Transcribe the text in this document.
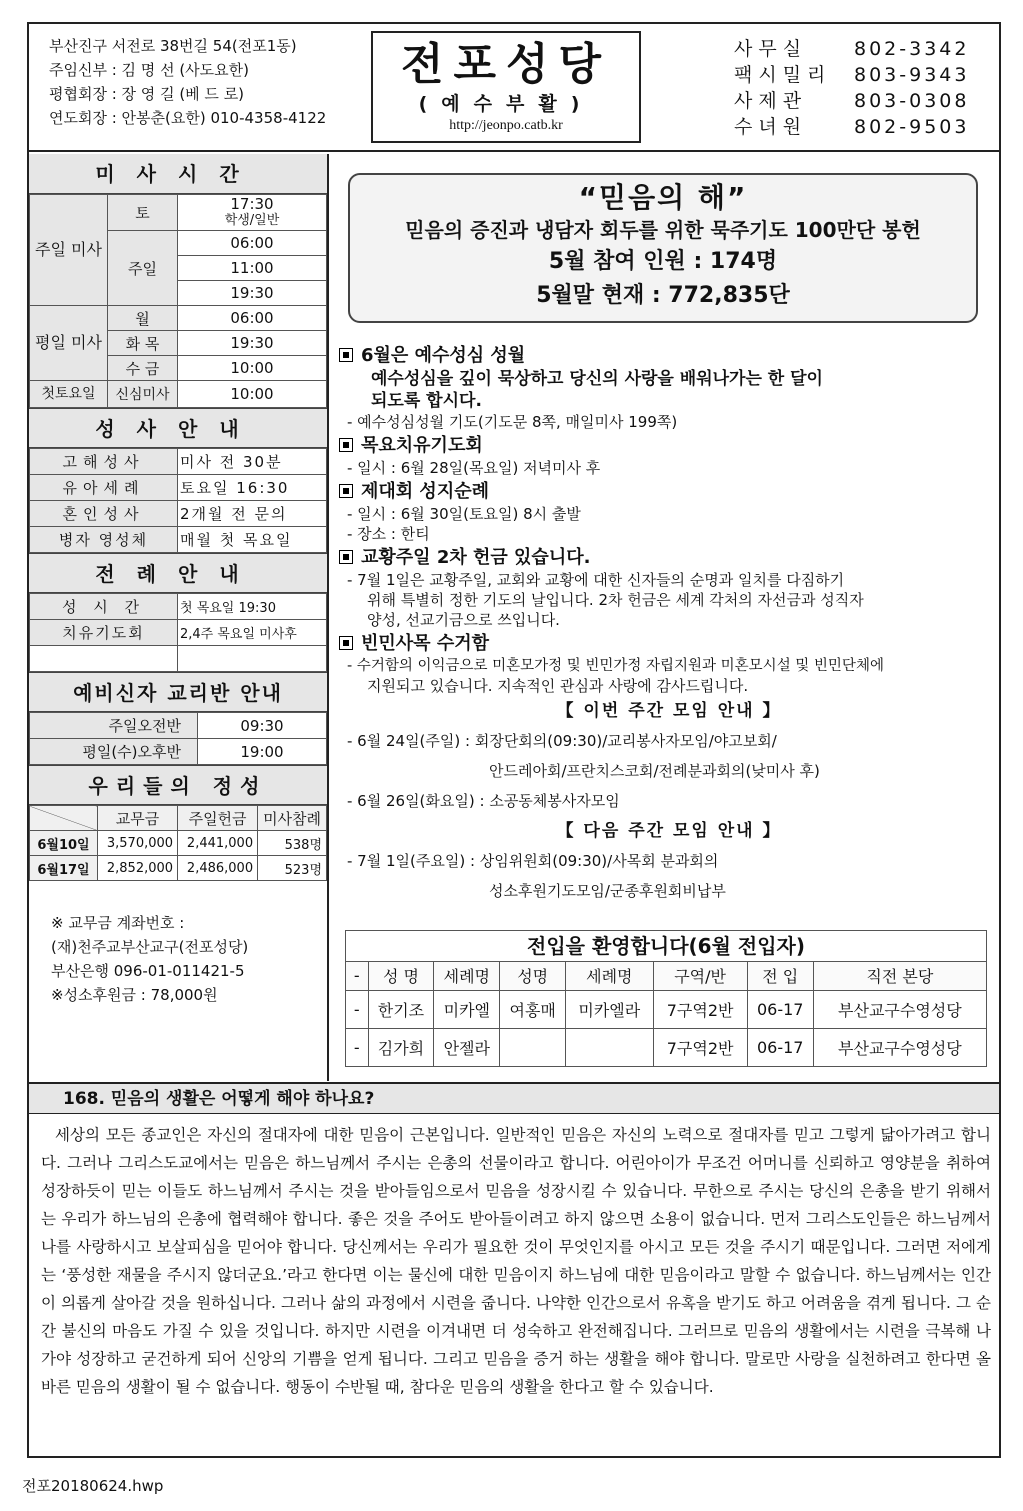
부산진구 서전로 38번길 54(전포1동)
주임신부 : 김 명 선 (사도요한)
평협회장 : 장 영 길 (베 드 로)
연도회장 : 안봉춘(요한) 010-4358-4122
전포성당
(예수부활)
http://jeonpo.catb.kr
사무실	802-3342
팩시밀리	803-9343
사제관	803-0308
수녀원	802-9503
미사시간
주일 미사	토	17:30
학생/일반
	주일	06:00
		11:00
		19:30
평일 미사	월	06:00
	화 목	19:30
	수 금	10:00
첫토요일	신심미사	10:00
성사안내
고해성사	미사 전 30분
유아세례	토요일 16:30
혼인성사	2개월 전 문의
병자 영성체	매월 첫 목요일
전례안내
성 시 간	첫 목요일 19:30
치유기도회	2,4주 목요일 미사후

예비신자 교리반 안내
주일오전반	09:30
평일(수)오후반	19:00
우리들의 정성
	교무금	주일헌금	미사참례
6월10일	3,570,000	2,441,000	538명
6월17일	2,852,000	2,486,000	523명
※ 교무금 계좌번호 :
(재)천주교부산교구(전포성당)
부산은행 096-01-011421-5
※성소후원금 : 78,000원
“믿음의 해”
믿음의 증진과 냉담자 회두를 위한 묵주기도 100만단 봉헌
5월 참여 인원 : 174명
5월말 현재 : 772,835단
6월은 예수성심 성월
예수성심을 깊이 묵상하고 당신의 사랑을 배워나가는 한 달이
되도록 합시다.
- 예수성심성월 기도(기도문 8쪽, 매일미사 199쪽)
목요치유기도회
- 일시 : 6월 28일(목요일) 저녁미사 후
제대회 성지순례
- 일시 : 6월 30일(토요일) 8시 출발
- 장소 : 한티
교황주일 2차 헌금 있습니다.
- 7월 1일은 교황주일, 교회와 교황에 대한 신자들의 순명과 일치를 다짐하기
위해 특별히 정한 기도의 날입니다. 2차 헌금은 세계 각처의 자선금과 성직자
양성, 선교기금으로 쓰입니다.
빈민사목 수거함
- 수거함의 이익금으로 미혼모가정 및 빈민가정 자립지원과 미혼모시설 및 빈민단체에
지원되고 있습니다. 지속적인 관심과 사랑에 감사드립니다.
【 이번 주간 모임 안내 】
- 6월 24일(주일) : 회장단회의(09:30)/교리봉사자모임/야고보회/
안드레아회/프란치스코회/전례분과회의(낮미사 후)
- 6월 26일(화요일) : 소공동체봉사자모임
【 다음 주간 모임 안내 】
- 7월 1일(주요일) : 상임위원회(09:30)/사목회 분과회의
성소후원기도모임/군종후원회비납부
전입을 환영합니다(6월 전입자)
-	성 명	세례명	성명	세례명	구역/반	전 입	직전 본당
-	한기조	미카엘	여홍매	미카엘라	7구역2반	06-17	부산교구수영성당
-	김가희	안젤라			7구역2반	06-17	부산교구수영성당
168. 믿음의 생활은 어떻게 해야 하나요?
세상의 모든 종교인은 자신의 절대자에 대한 믿음이 근본입니다. 일반적인 믿음은 자신의 노력으로 절대자를 믿고 그렇게 닮아가려고 합니다. 그러나 그리스도교에서는 믿음은 하느님께서 주시는 은총의 선물이라고 합니다. 어린아이가 무조건 어머니를 신뢰하고 영양분을 취하여 성장하듯이 믿는 이들도 하느님께서 주시는 것을 받아들임으로서 믿음을 성장시킬 수 있습니다. 무한으로 주시는 당신의 은총을 받기 위해서는 우리가 하느님의 은총에 협력해야 합니다. 좋은 것을 주어도 받아들이려고 하지 않으면 소용이 없습니다. 먼저 그리스도인들은 하느님께서 나를 사랑하시고 보살피심을 믿어야 합니다. 당신께서는 우리가 필요한 것이 무엇인지를 아시고 모든 것을 주시기 때문입니다. 그러면 저에게는 ‘풍성한 재물을 주시지 않더군요.’라고 한다면 이는 물신에 대한 믿음이지 하느님에 대한 믿음이라고 말할 수 없습니다. 하느님께서는 인간이 의롭게 살아갈 것을 원하십니다. 그러나 삶의 과정에서 시련을 줍니다. 나약한 인간으로서 유혹을 받기도 하고 어려움을 겪게 됩니다. 그 순간 불신의 마음도 가질 수 있을 것입니다. 하지만 시련을 이겨내면 더 성숙하고 완전해집니다. 그러므로 믿음의 생활에서는 시련을 극복해 나가야 성장하고 굳건하게 되어 신앙의 기쁨을 얻게 됩니다. 그리고 믿음을 증거 하는 생활을 해야 합니다. 말로만 사랑을 실천하려고 한다면 올바른 믿음의 생활이 될 수 없습니다. 행동이 수반될 때, 참다운 믿음의 생활을 한다고 할 수 있습니다.
전포20180624.hwp
